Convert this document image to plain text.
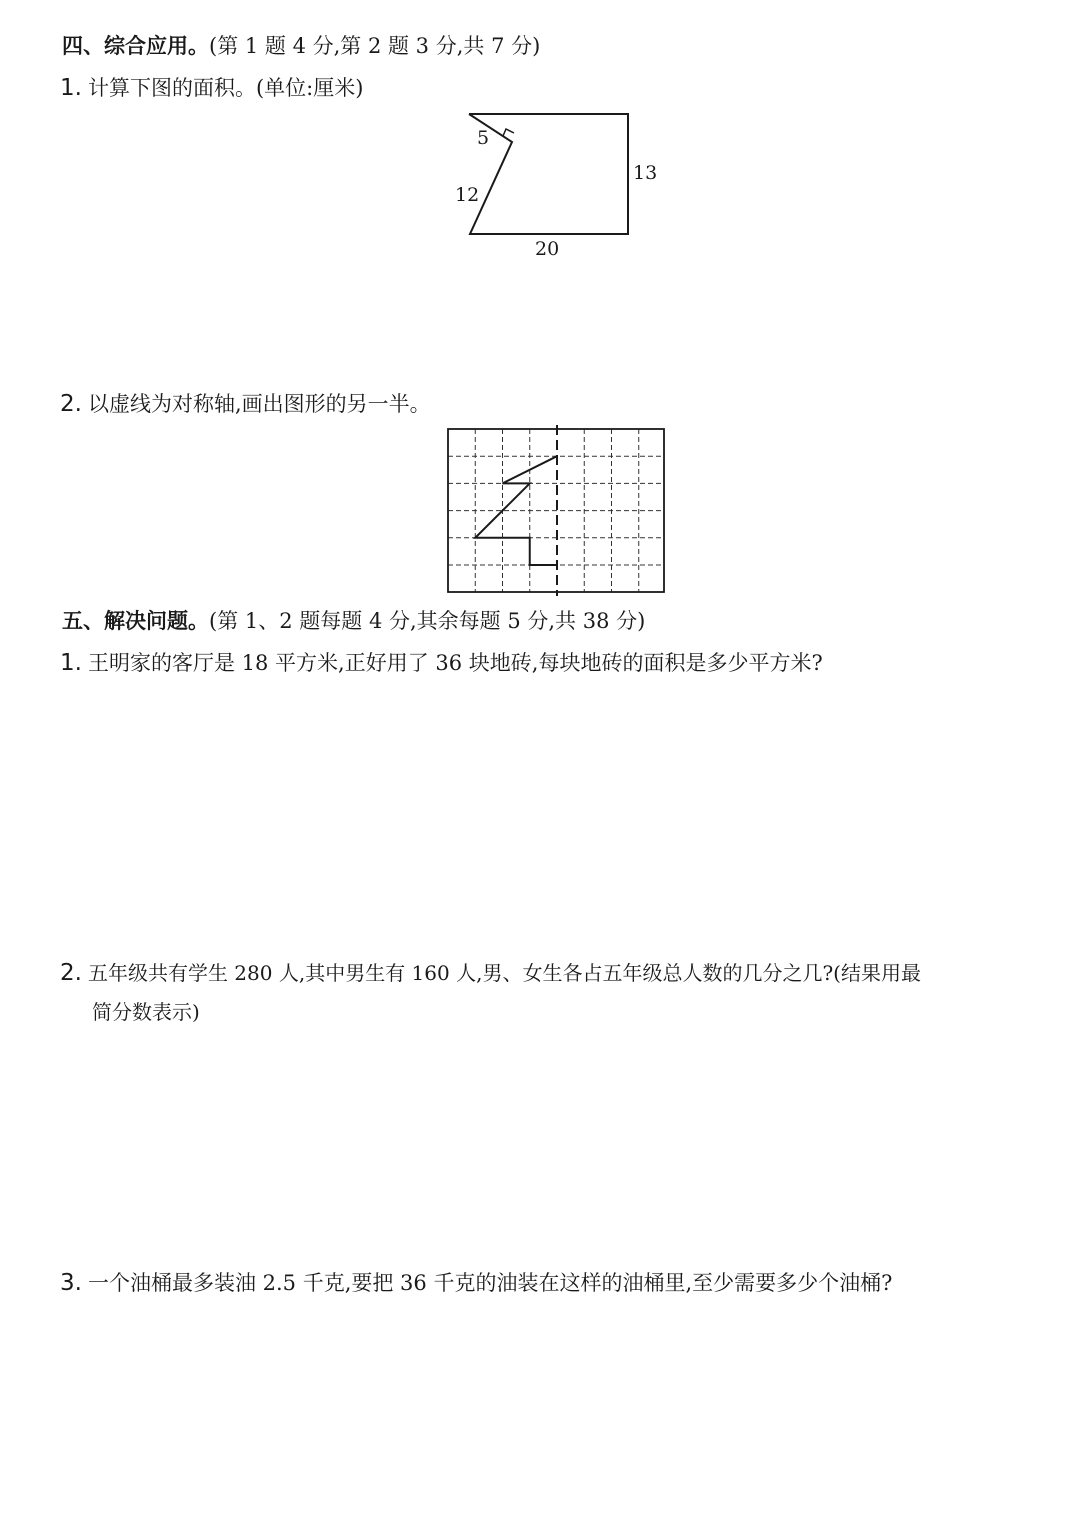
四、综合应用。(第 1 题 4 分,第 2 题 3 分,共 7 分)
1. 计算下图的面积。(单位:厘米)
5
12
13
20
2. 以虚线为对称轴,画出图形的另一半。
五、解决问题。(第 1、2 题每题 4 分,其余每题 5 分,共 38 分)
1. 王明家的客厅是 18 平方米,正好用了 36 块地砖,每块地砖的面积是多少平方米?
2. 五年级共有学生 280 人,其中男生有 160 人,男、女生各占五年级总人数的几分之几?(结果用最
简分数表示)
3. 一个油桶最多装油 2.5 千克,要把 36 千克的油装在这样的油桶里,至少需要多少个油桶?
